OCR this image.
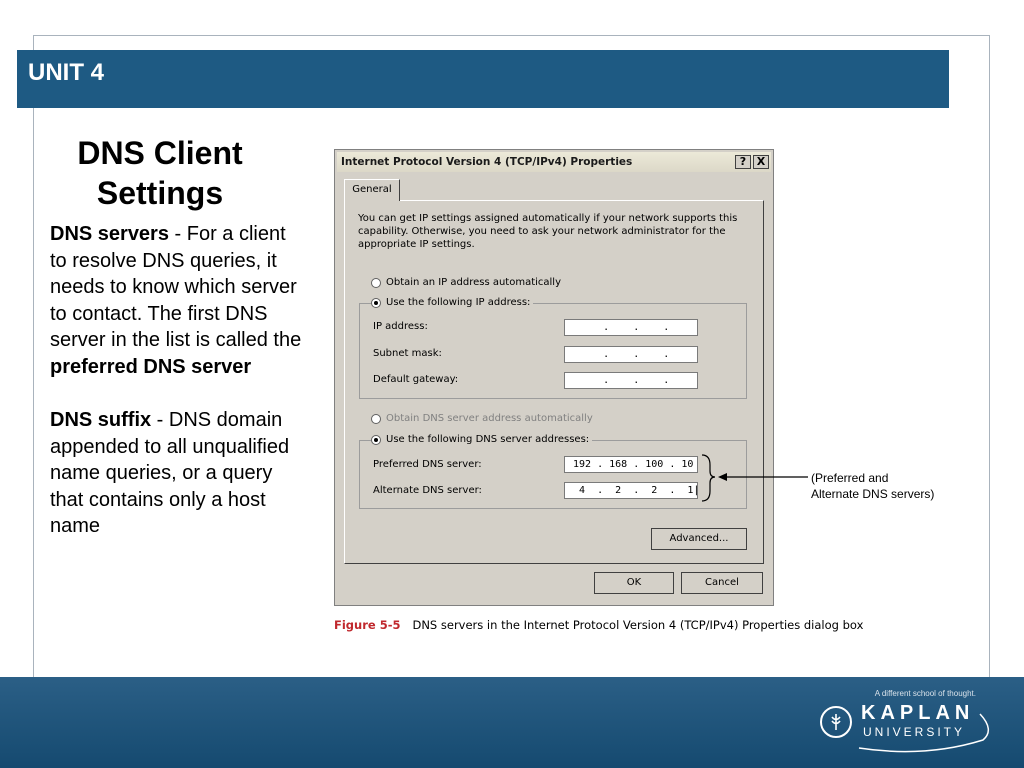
UNIT 4
DNS Client
Settings

DNS servers - For a client to resolve DNS queries, it needs to know which server to contact. The first DNS server in the list is called the preferred DNS server

DNS suffix - DNS domain appended to all unqualified name queries, or a query that contains only a host name

Internet Protocol Version 4 (TCP/IPv4) Properties	? X
General
You can get IP settings assigned automatically if your network supports this capability. Otherwise, you need to ask your network administrator for the appropriate IP settings.
Obtain an IP address automatically
Use the following IP address:
IP address:	.    .    .
Subnet mask:	.    .    .
Default gateway:	.    .    .
Obtain DNS server address automatically
Use the following DNS server addresses:
Preferred DNS server:	192 . 168 . 100 . 10
Alternate DNS server:	4  .  2  .  2  .  1|
Advanced...
OK	Cancel
(Preferred and
Alternate DNS servers)
Figure 5-5 DNS servers in the Internet Protocol Version 4 (TCP/IPv4) Properties dialog box
A different school of thought.
KAPLAN
UNIVERSITY
